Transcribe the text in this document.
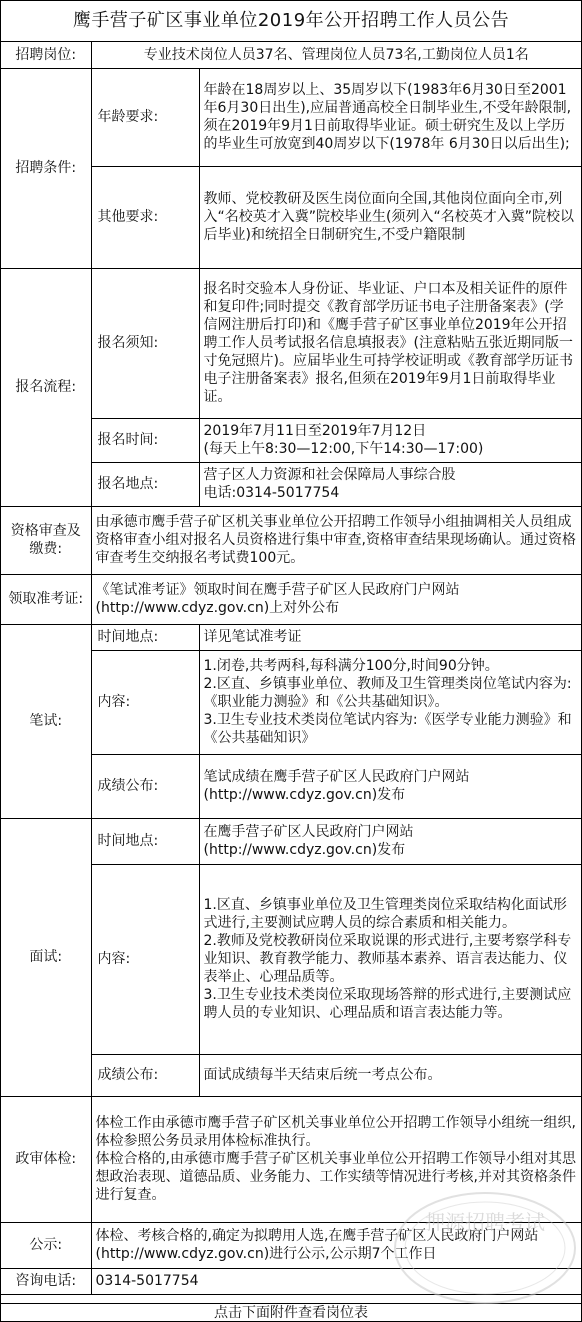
鹰手营子矿区事业单位2019年公开招聘工作人员公告
招聘岗位:	专业技术岗位人员37名、管理岗位人员73名,工勤岗位人员1名	
招聘条件:	年龄要求:	年龄在18周岁以上、35周岁以下(1983年6月30日至2001年6月30日出生),应届普通高校全日制毕业生,不受年龄限制,须在2019年9月1日前取得毕业证。硕士研究生及以上学历的毕业生可放宽到40周岁以下(1978年 6月30日以后出生);
	其他要求:	教师、党校教研及医生岗位面向全国,其他岗位面向全市,列入“名校英才入冀”院校毕业生(须列入“名校英才入冀”院校以后毕业)和统招全日制研究生,不受户籍限制
报名流程:	报名须知:	报名时交验本人身份证、毕业证、户口本及相关证件的原件和复印件;同时提交《教育部学历证书电子注册备案表》(学信网注册后打印)和《鹰手营子矿区事业单位2019年公开招聘工作人员考试报名信息填报表》(注意粘贴五张近期同版一寸免冠照片)。应届毕业生可持学校证明或《教育部学历证书电子注册备案表》报名,但须在2019年9月1日前取得毕业证。
	报名时间:	2019年7月11日至2019年7月12日

(每天上午8:30—12:00,下午14:30—17:00)

	报名地点:	营子区人力资源和社会保障局人事综合股

电话:0314-5017754

资格审查及缴费:	由承德市鹰手营子矿区机关事业单位公开招聘工作领导小组抽调相关人员组成资格审查小组对报名人员资格进行集中审查,资格审查结果现场确认。通过资格审查考生交纳报名考试费100元。	
领取准考证:	《笔试准考证》领取时间在鹰手营子矿区人民政府门户网站(http://www.cdyz.gov.cn)上对外公布	
笔试:	时间地点:	详见笔试准考证
	内容:	1.闭卷,共考两科,每科满分100分,时间90分钟。

2.区直、乡镇事业单位、教师及卫生管理类岗位笔试内容为:《职业能力测验》和《公共基础知识》。

3.卫生专业技术类岗位笔试内容为:《医学专业能力测验》和《公共基础知识》

	成绩公布:	笔试成绩在鹰手营子矿区人民政府门户网站

(http://www.cdyz.gov.cn)发布

面试:	时间地点:	在鹰手营子矿区人民政府门户网站

(http://www.cdyz.gov.cn)发布

	内容:	1.区直、乡镇事业单位及卫生管理类岗位采取结构化面试形式进行,主要测试应聘人员的综合素质和相关能力。

2.教师及党校教研岗位采取说课的形式进行,主要考察学科专业知识、教育教学能力、教师基本素养、语言表达能力、仪表举止、心理品质等。

3.卫生专业技术类岗位采取现场答辩的形式进行,主要测试应聘人员的专业知识、心理品质和语言表达能力等。

	成绩公布:	面试成绩每半天结束后统一考点公布。
政审体检:	体检工作由承德市鹰手营子矿区机关事业单位公开招聘工作领导小组统一组织,体检参照公务员录用体检标准执行。

体检合格的,由承德市鹰手营子矿区机关事业单位公开招聘工作领导小组对其思想政治表现、道德品质、业务能力、工作实绩等情况进行考核,并对其资格条件进行复查。	

公示:	体检、考核合格的,确定为拟聘用人选,在鹰手营子矿区人民政府门户网站(http://www.cdyz.gov.cn)进行公示,公示期7个工作日	
咨询电话:	0314-5017754	
点击下面附件查看岗位表
押源招聘考试
